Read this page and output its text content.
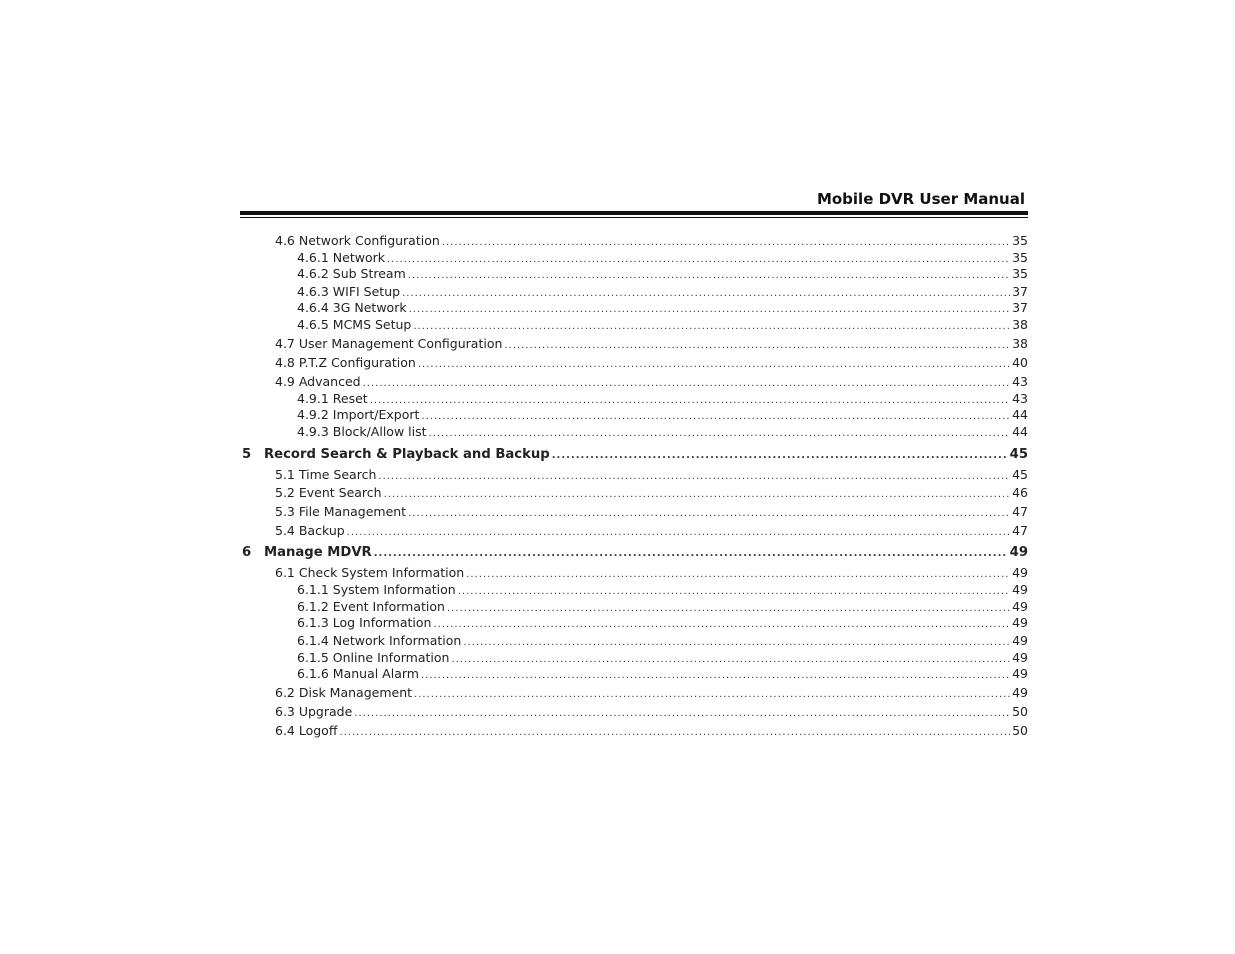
Mobile DVR User Manual
4.6 Network Configuration .....	35
4.6.1 Network .....	35
4.6.2 Sub Stream .....	35
4.6.3 WIFI Setup .....	37
4.6.4 3G Network .....	37
4.6.5 MCMS Setup .....	38
4.7 User Management Configuration .....	38
4.8 P.T.Z Configuration .....	40
4.9 Advanced .....	43
4.9.1 Reset .....	43
4.9.2 Import/Export .....	44
4.9.3 Block/Allow list .....	44
5 Record Search & Playback and Backup .....	45
5.1 Time Search .....	45
5.2 Event Search .....	46
5.3 File Management .....	47
5.4 Backup .....	47
6 Manage MDVR .....	49
6.1 Check System Information .....	49
6.1.1 System Information .....	49
6.1.2 Event Information .....	49
6.1.3 Log Information .....	49
6.1.4 Network Information .....	49
6.1.5 Online Information .....	49
6.1.6 Manual Alarm .....	49
6.2 Disk Management .....	49
6.3 Upgrade .....	50
6.4 Logoff .....	50
